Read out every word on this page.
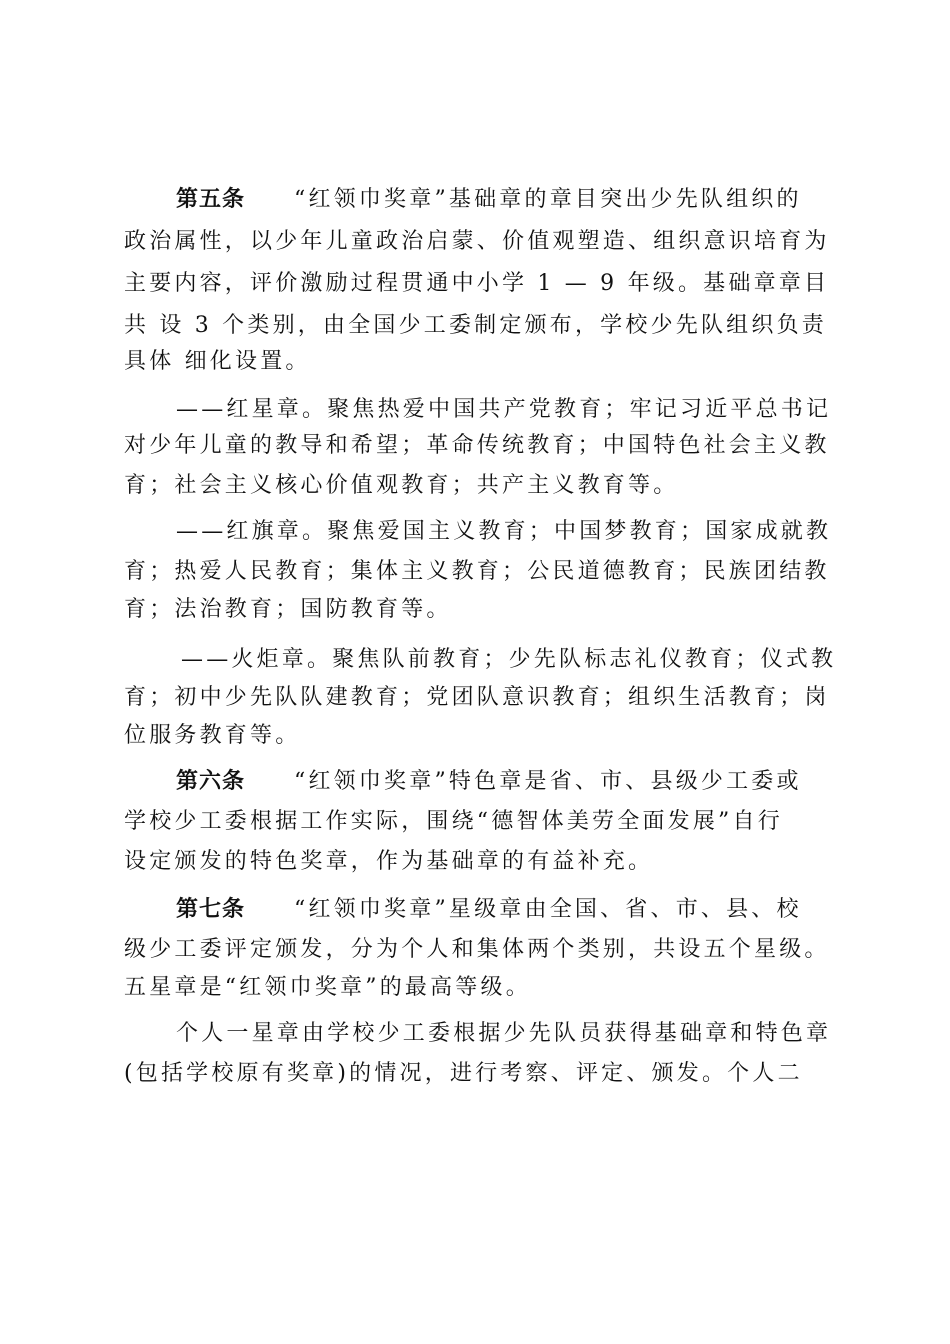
第五条 “红领巾奖章”基础章的章目突出少先队组织的
政治属性，以少年儿童政治启蒙、价值观塑造、组织意识培育为
主要内容，评价激励过程贯通中小学 1 — 9 年级。基础章章目
共 设 3 个类别，由全国少工委制定颁布，学校少先队组织负责
具体 细化设置。
——红星章。聚焦热爱中国共产党教育；牢记习近平总书记
对少年儿童的教导和希望；革命传统教育；中国特色社会主义教
育；社会主义核心价值观教育；共产主义教育等。
——红旗章。聚焦爱国主义教育；中国梦教育；国家成就教
育；热爱人民教育；集体主义教育；公民道德教育；民族团结教
育；法治教育；国防教育等。
——火炬章。聚焦队前教育；少先队标志礼仪教育；仪式教
育；初中少先队队建教育；党团队意识教育；组织生活教育；岗
位服务教育等。
第六条 “红领巾奖章”特色章是省、市、县级少工委或
学校少工委根据工作实际，围绕“德智体美劳全面发展”自行
设定颁发的特色奖章，作为基础章的有益补充。
第七条 “红领巾奖章”星级章由全国、省、市、县、校
级少工委评定颁发，分为个人和集体两个类别，共设五个星级。
五星章是“红领巾奖章”的最高等级。
个人一星章由学校少工委根据少先队员获得基础章和特色章
(包括学校原有奖章)的情况，进行考察、评定、颁发。个人二
